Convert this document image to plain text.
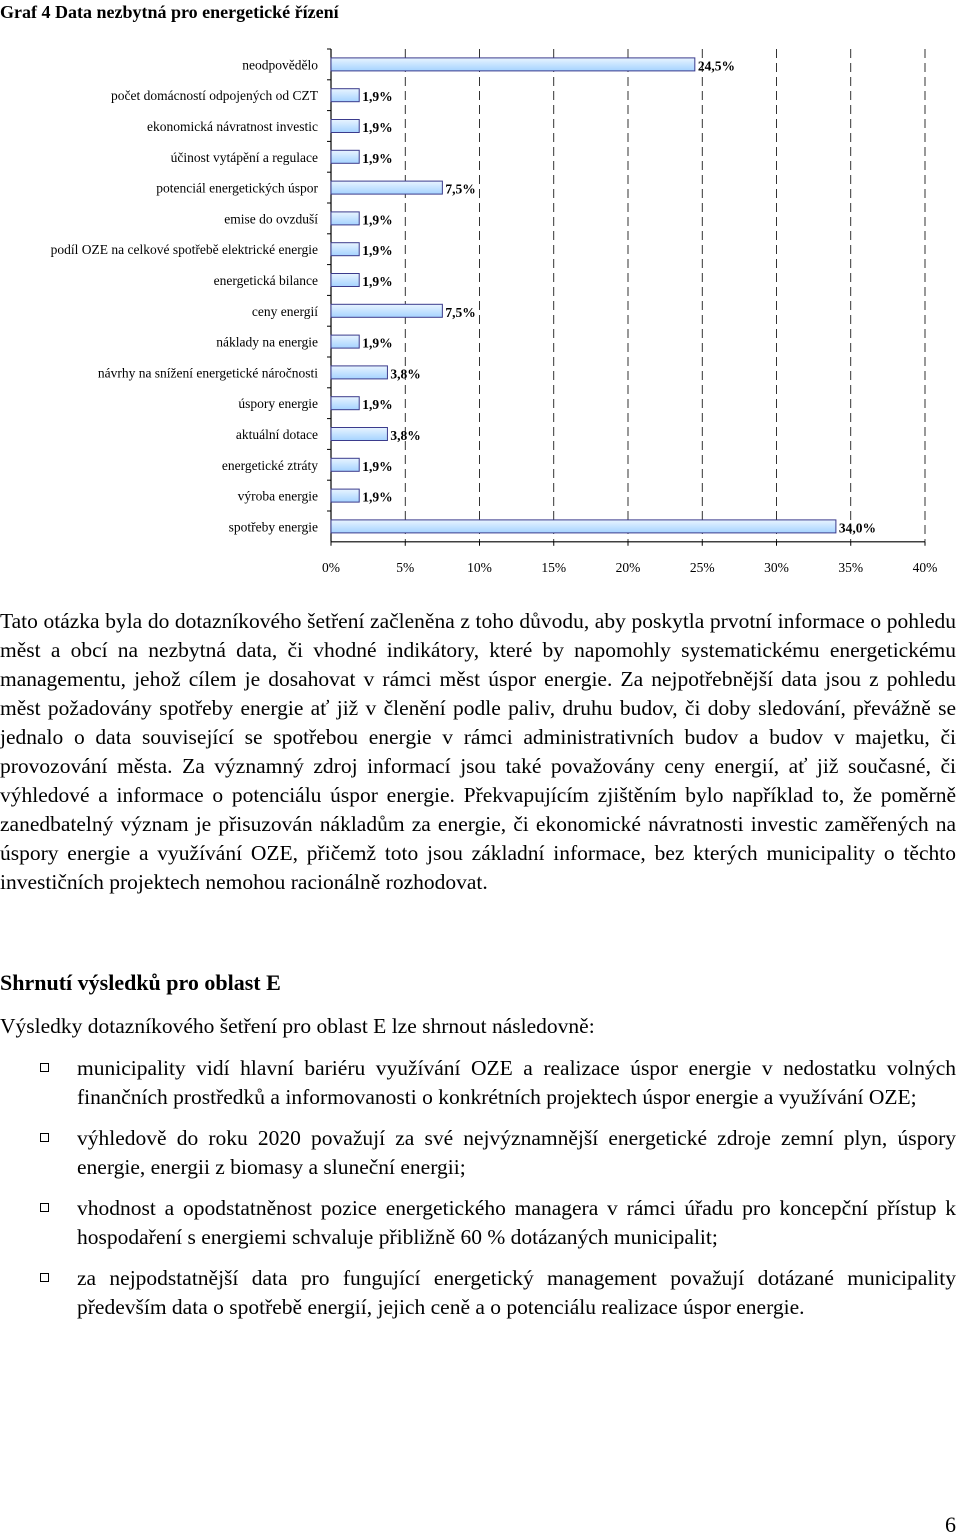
Graf 4 Data nezbytná pro energetické řízení
0%	5%	10%	15%	20%	25%	30%	35%	40%
neodpovědělo	24,5%
počet domácností odpojených od CZT	1,9%
ekonomická návratnost investic	1,9%
účinost vytápění a regulace	1,9%
potenciál energetických úspor	7,5%
emise do ovzduší	1,9%
podíl OZE na celkové spotřebě elektrické energie	1,9%
energetická bilance	1,9%
ceny energií	7,5%
náklady na energie	1,9%
návrhy na snížení energetické náročnosti	3,8%
úspory energie	1,9%
aktuální dotace	3,8%
energetické ztráty	1,9%
výroba energie	1,9%
spotřeby energie	34,0%

Tato otázka byla do dotazníkového šetření začleněna z toho důvodu, aby poskytla prvotní informace o pohledu měst a obcí na nezbytná data, či vhodné indikátory, které by napomohly systematickému energetickému managementu, jehož cílem je dosahovat v rámci měst úspor energie. Za nejpotřebnější data jsou z pohledu měst požadovány spotřeby energie ať již v členění podle paliv, druhu budov, či doby sledování, převážně se jednalo o data související se spotřebou energie v rámci administrativních budov a budov v majetku, či provozování města. Za významný zdroj informací jsou také považovány ceny energií, ať již současné, či výhledové a informace o potenciálu úspor energie. Překvapujícím zjištěním bylo například to, že poměrně zanedbatelný význam je přisuzován nákladům za energie, či ekonomické návratnosti investic zaměřených na úspory energie a využívání OZE, přičemž toto jsou základní informace, bez kterých municipality o těchto investičních projektech nemohou racionálně rozhodovat.

Shrnutí výsledků pro oblast E

Výsledky dotazníkového šetření pro oblast E lze shrnout následovně:

municipality vidí hlavní bariéru využívání OZE a realizace úspor energie v nedostatku volných finančních prostředků a informovanosti o konkrétních projektech úspor energie a využívání OZE;
výhledově do roku 2020 považují za své nejvýznamnější energetické zdroje zemní plyn, úspory energie, energii z biomasy a sluneční energii;
vhodnost a opodstatněnost pozice energetického managera v rámci úřadu pro koncepční přístup k hospodaření s energiemi schvaluje přibližně 60 % dotázaných municipalit;
za nejpodstatnější data pro fungující energetický management považují dotázané municipality především data o spotřebě energií, jejich ceně a o potenciálu realizace úspor energie.
6
